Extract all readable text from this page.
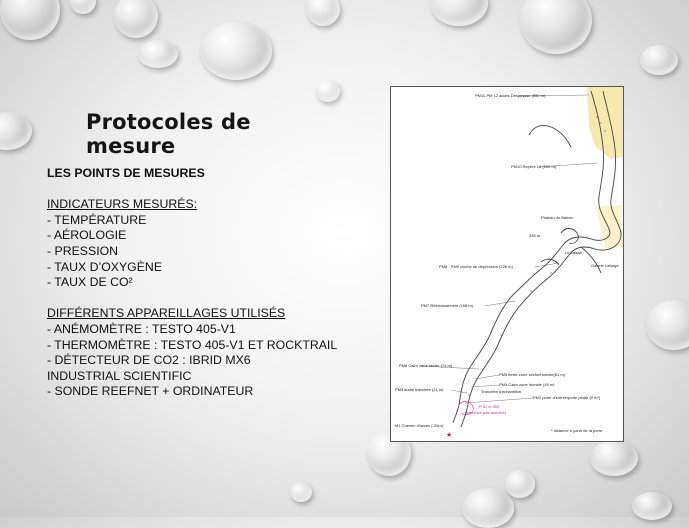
Protocoles de mesure
LES POINTS DE MESURES
INDICATEURS MESURÉS:
- TEMPÉRATURE
- AÉROLOGIE
- PRESSION
- TAUX D’OXYGÈNE
- TAUX DE CO²
DIFFÉRENTS APPAREILLAGES UTILISÉS
- ANÉMOMÈTRE : TESTO 405-V1
- THERMOMÈTRE : TESTO 405-V1 ET ROCKTRAIL
- DÉTECTEUR DE CO2 : IBRID MX6
INDUSTRIAL SCIENTIFIC
- SONDE REEFNET + ORDINATEUR
PM11-PM 12 accès Despeysse (550 m)
PM10 Repère 15 (500 m)
Plateau du Balcon
335 m
Le Laisse
Galerie Lafarge
PM8 - PM9 cloche de dépression (228 m)
PM7 Rétrécissement (166 m)
PM6 Cairn zone sèche (74 m)
PM5 limite zone sèche/humide(61 m)
PM4 Cairn zone humide (49 m)
PM3 sortie tranchée (21 m)	Tranchée d’échantillon
PM2 porte d’entrée/porte pirate (0 m*)
P 37 m 300
référence pas annulée)
M1 Chemin d’accès (-20m)
* distance à partir de la porte
★
